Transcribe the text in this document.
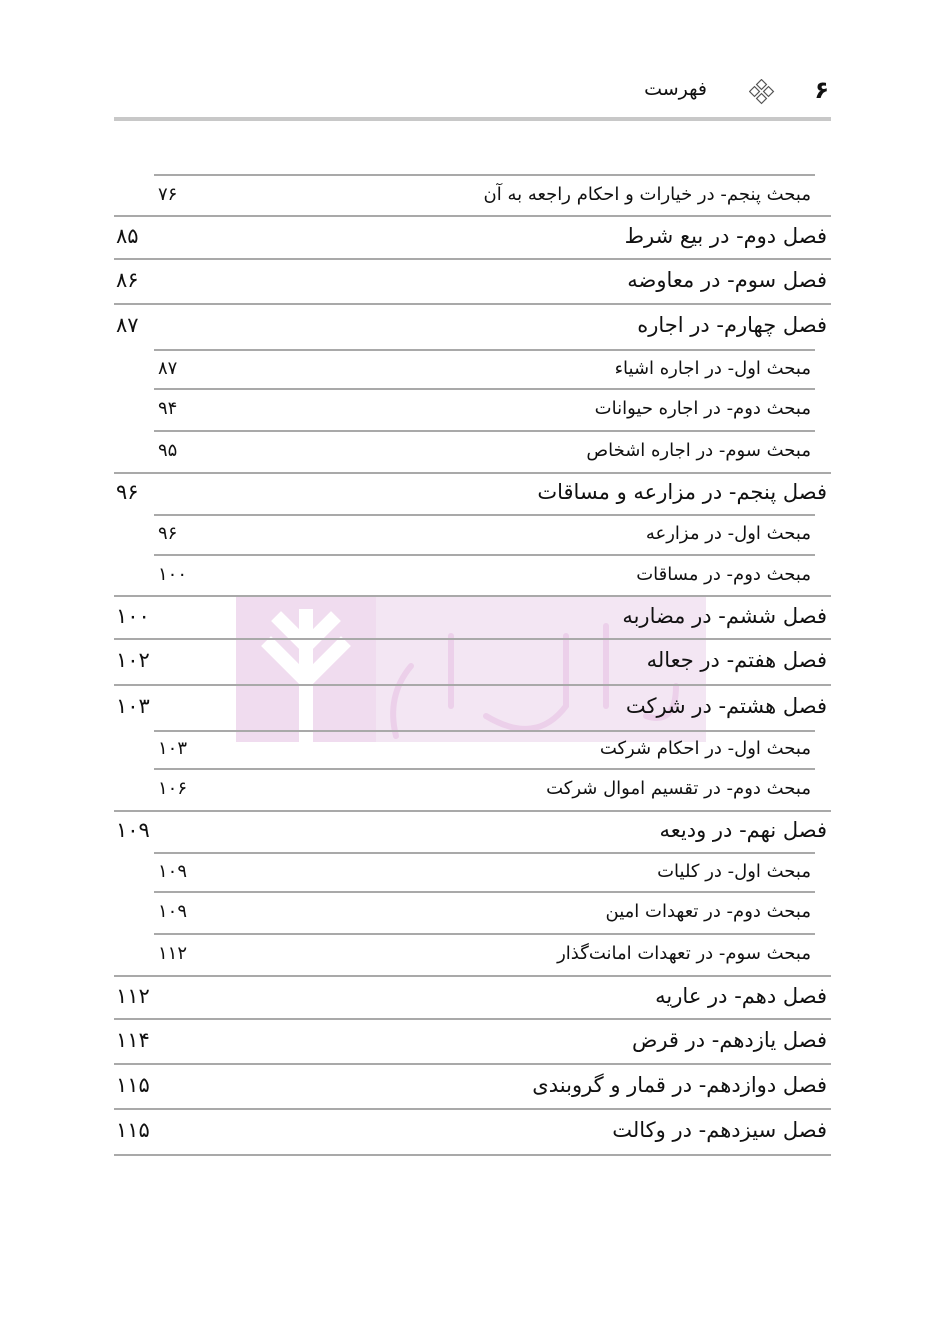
۶
فهرست
مبحث پنجم- در خیارات و احکام راجعه به آن
۷۶
فصل دوم- در بیع شرط
۸۵
فصل سوم- در معاوضه
۸۶
فصل چهارم- در اجاره
۸۷
مبحث اول- در اجاره اشیاء
۸۷
مبحث دوم- در اجاره حیوانات
۹۴
مبحث سوم- در اجاره اشخاص
۹۵
فصل پنجم- در مزارعه و مساقات
۹۶
مبحث اول- در مزارعه
۹۶
مبحث دوم- در مساقات
۱۰۰
فصل ششم- در مضاربه
۱۰۰
فصل هفتم- در جعاله
۱۰۲
فصل هشتم- در شرکت
۱۰۳
مبحث اول- در احکام شرکت
۱۰۳
مبحث دوم- در تقسیم اموال شرکت
۱۰۶
فصل نهم- در ودیعه
۱۰۹
مبحث اول- در کلیات
۱۰۹
مبحث دوم- در تعهدات امین
۱۰۹
مبحث سوم- در تعهدات امانت‌گذار
۱۱۲
فصل دهم- در عاریه
۱۱۲
فصل یازدهم- در قرض
۱۱۴
فصل دوازدهم- در قمار و گروبندی
۱۱۵
فصل سیزدهم- در وکالت
۱۱۵
